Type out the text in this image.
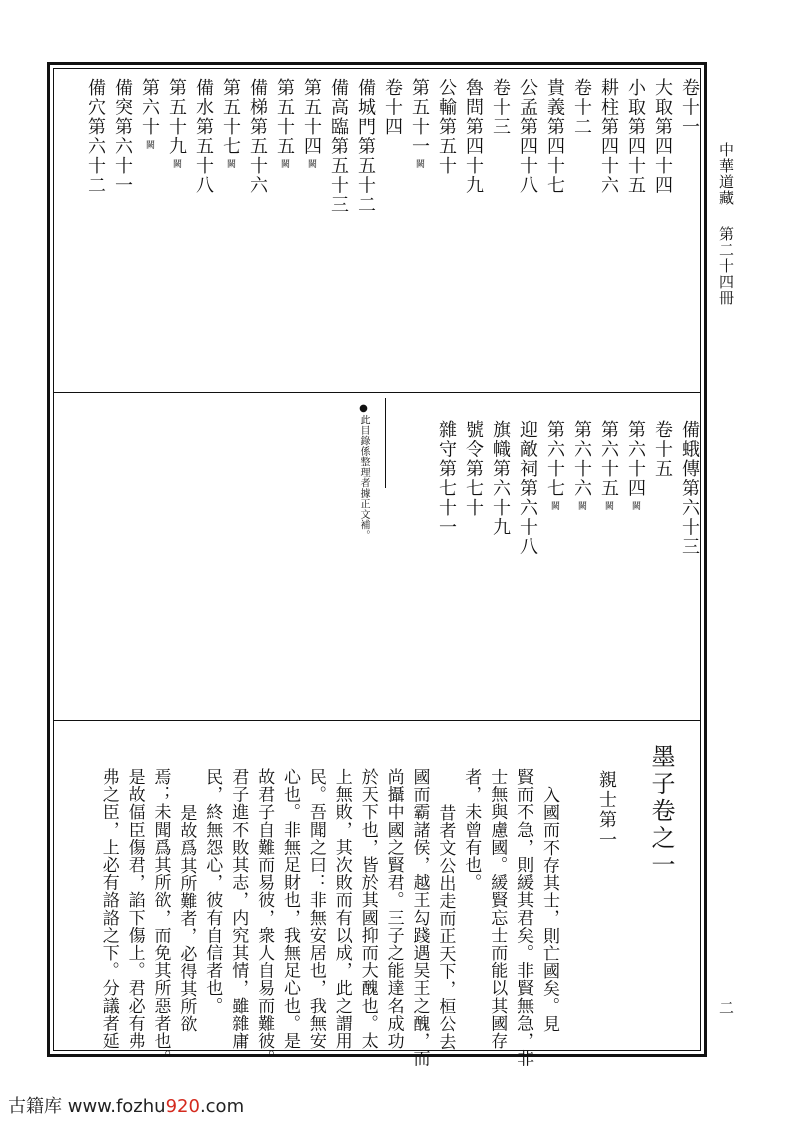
中華道藏
第二十四冊
二
卷十一
大取第四十四
小取第四十五
耕柱第四十六
卷十二
貴義第四十七
公孟第四十八
卷十三
魯問第四十九
公輸第五十
第五十一闕
卷十四
備城門第五十二
備高臨第五十三
第五十四闕
第五十五闕
備梯第五十六
第五十七闕
備水第五十八
第五十九闕
第六十闕
備突第六十一
備穴第六十二
備蛾傳第六十三
卷十五
第六十四闕
第六十五闕
第六十六闕
第六十七闕
迎敵祠第六十八
旗幟第六十九
號令第七十
雜守第七十一
●此目錄係整理者據正文補。
墨子卷之一
親士第一
入國而不存其士，則亡國矣。見
賢而不急，則緩其君矣。非賢無急，非
士無與慮國。緩賢忘士而能以其國存
者，未曾有也。
昔者文公出走而正天下，桓公去
國而霸諸侯，越王勾踐遇吴王之醜，而
尚攝中國之賢君。三子之能達名成功
於天下也，皆於其國抑而大醜也。太
上無敗，其次敗而有以成，此之謂用
民。吾聞之曰：非無安居也，我無安
心也。非無足財也，我無足心也。是
故君子自難而易彼，衆人自易而難彼。
君子進不敗其志，内究其情，雖雜庸
民，終無怨心，彼有自信者也。
是故爲其所難者，必得其所欲
焉；未聞爲其所欲，而免其所惡者也。
是故偪臣傷君，諂下傷上。君必有弗
弗之臣，上必有詻詻之下。分議者延
古籍库 www.fozhu920.com
